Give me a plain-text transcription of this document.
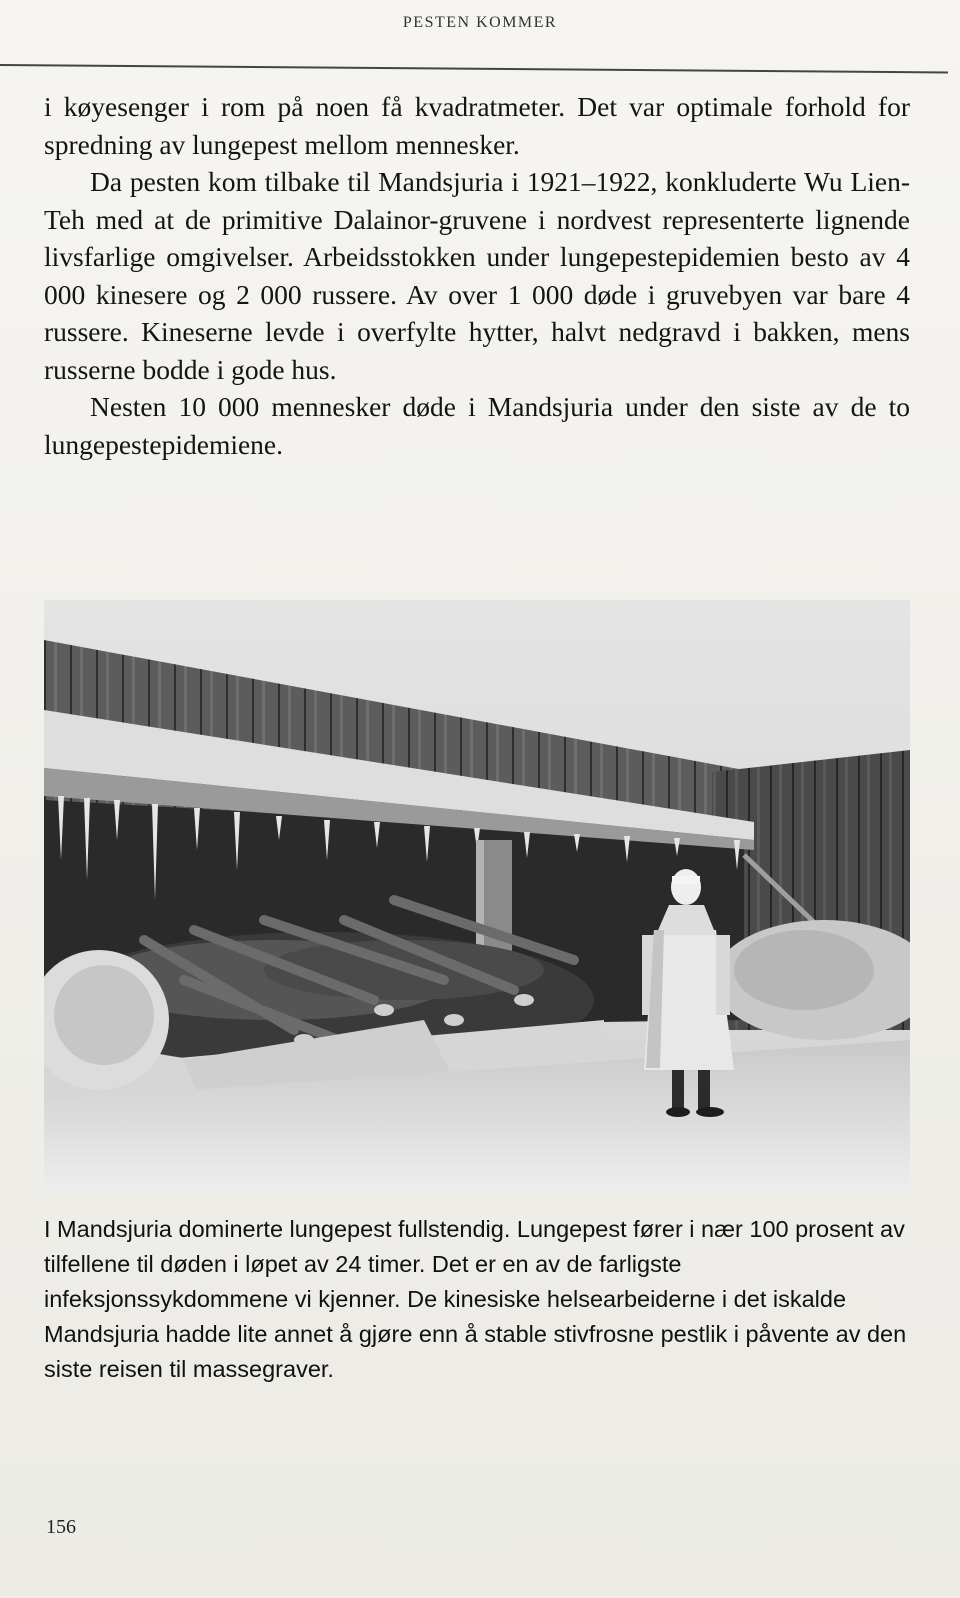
PESTEN KOMMER

i køyesenger i rom på noen få kvadratmeter. Det var optimale forhold for spredning av lungepest mellom mennesker.

Da pesten kom tilbake til Mandsjuria i 1921–1922, konkluderte Wu Lien-Teh med at de primitive Dalainor-gruvene i nordvest representerte lignende livsfarlige omgivelser. Arbeidsstokken under lungepestepidemien besto av 4 000 kinesere og 2 000 russere. Av over 1 000 døde i gruvebyen var bare 4 russere. Kineserne levde i overfylte hytter, halvt nedgravd i bakken, mens russerne bodde i gode hus.

Nesten 10 000 mennesker døde i Mandsjuria under den siste av de to lungepestepidemiene.

I Mandsjuria dominerte lungepest fullstendig. Lungepest fører i nær 100 prosent av tilfellene til døden i løpet av 24 timer. Det er en av de farligste infeksjonssykdommene vi kjenner. De kinesiske helsearbeiderne i det iskalde Mandsjuria hadde lite annet å gjøre enn å stable stivfrosne pestlik i påvente av den siste reisen til massegraver.

156
